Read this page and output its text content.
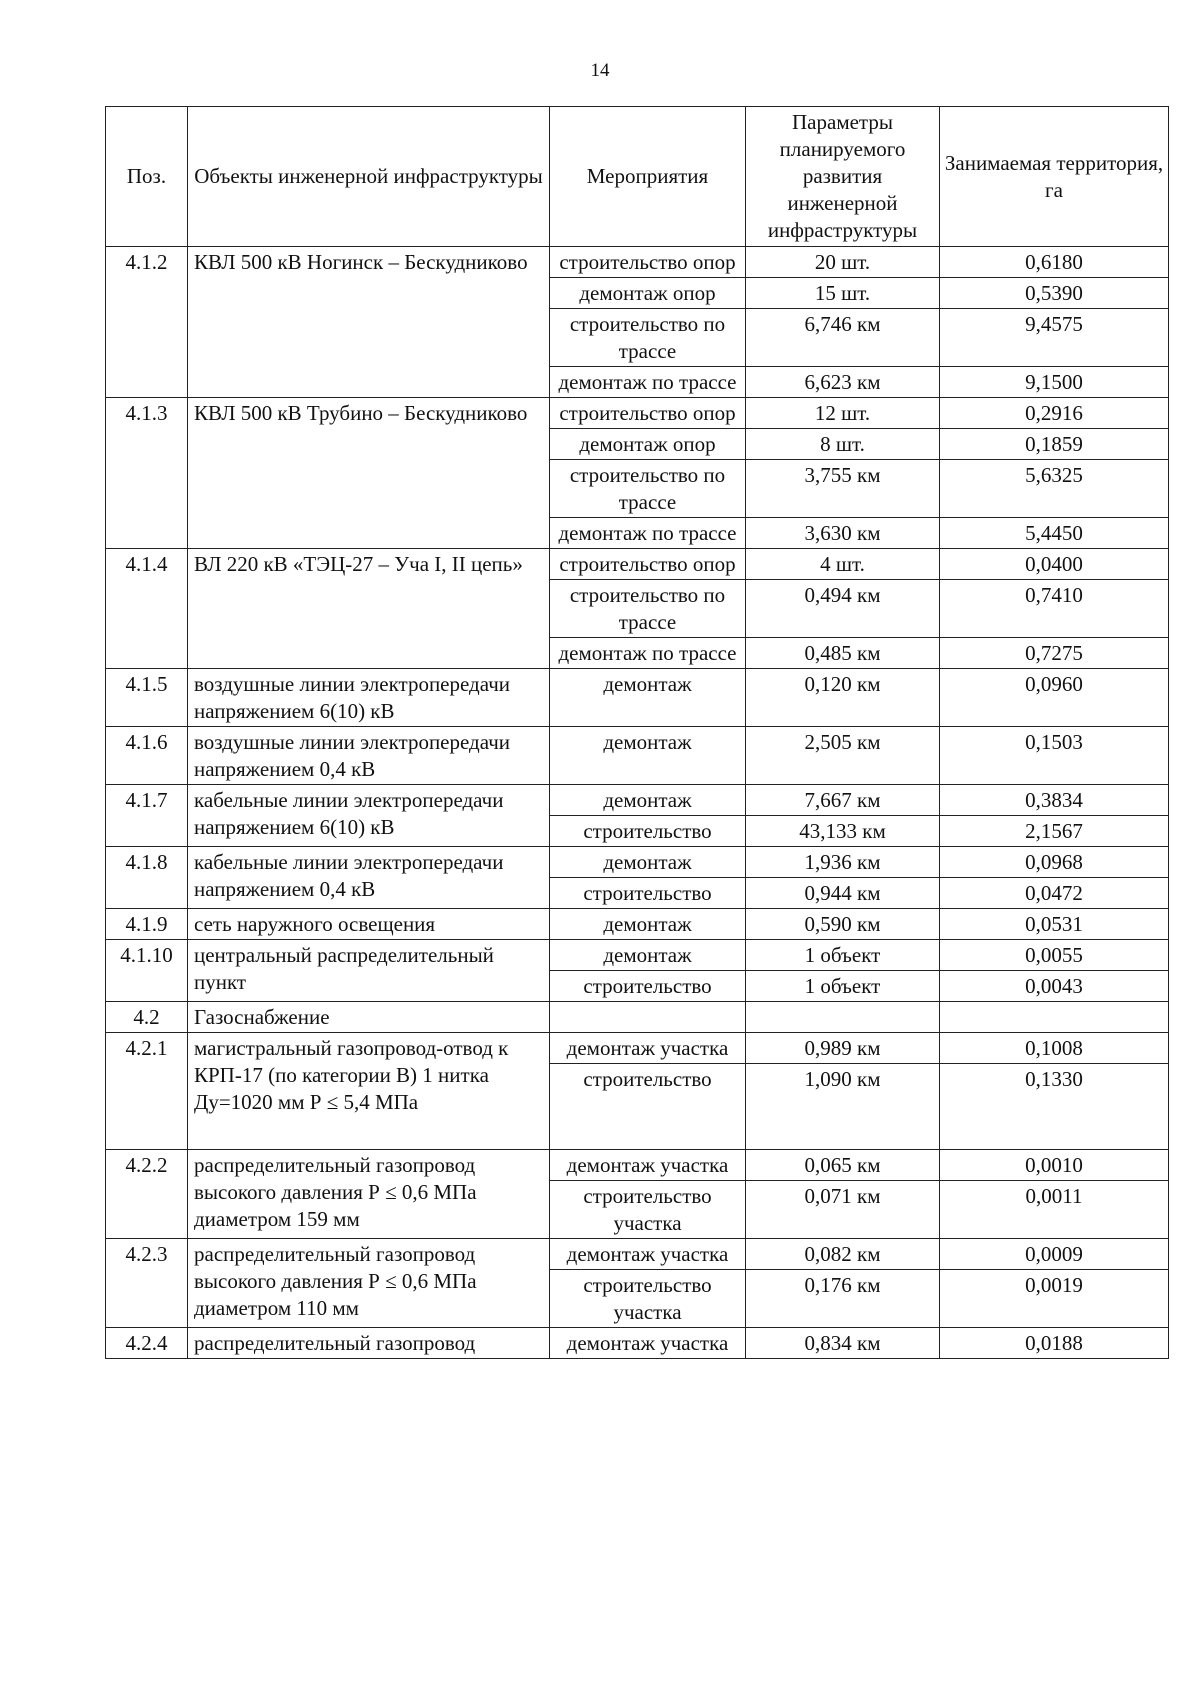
14
Поз.	Объекты инженерной инфраструктуры	Мероприятия	Параметры планируемого развития инженерной инфраструктуры	Занимаемая территория, га
4.1.2	КВЛ 500 кВ Ногинск – Бескудниково	строительство опор	20 шт.	0,6180
		демонтаж опор	15 шт.	0,5390
		строительство по трассе	6,746 км	9,4575
		демонтаж по трассе	6,623 км	9,1500
4.1.3	КВЛ 500 кВ Трубино – Бескудниково	строительство опор	12 шт.	0,2916
		демонтаж опор	8 шт.	0,1859
		строительство по трассе	3,755 км	5,6325
		демонтаж по трассе	3,630 км	5,4450
4.1.4	ВЛ 220 кВ «ТЭЦ-27 – Уча I, II цепь»	строительство опор	4 шт.	0,0400
		строительство по трассе	0,494 км	0,7410
		демонтаж по трассе	0,485 км	0,7275
4.1.5	воздушные линии электропередачи напряжением 6(10) кВ	демонтаж	0,120 км	0,0960
4.1.6	воздушные линии электропередачи напряжением 0,4 кВ	демонтаж	2,505 км	0,1503
4.1.7	кабельные линии электропередачи напряжением 6(10) кВ	демонтаж	7,667 км	0,3834
		строительство	43,133 км	2,1567
4.1.8	кабельные линии электропередачи напряжением 0,4 кВ	демонтаж	1,936 км	0,0968
		строительство	0,944 км	0,0472
4.1.9	сеть наружного освещения	демонтаж	0,590 км	0,0531
4.1.10	центральный распределительный пункт	демонтаж	1 объект	0,0055
		строительство	1 объект	0,0043
4.2	Газоснабжение			
4.2.1	магистральный газопровод-отвод к КРП-17 (по категории В) 1 нитка Ду=1020 мм Р ≤ 5,4 МПа	демонтаж участка	0,989 км	0,1008
		строительство	1,090 км	0,1330
4.2.2	распределительный газопровод высокого давления Р ≤ 0,6 МПа диаметром 159 мм	демонтаж участка	0,065 км	0,0010
		строительство участка	0,071 км	0,0011
4.2.3	распределительный газопровод высокого давления Р ≤ 0,6 МПа диаметром 110 мм	демонтаж участка	0,082 км	0,0009
		строительство участка	0,176 км	0,0019
4.2.4	распределительный газопровод	демонтаж участка	0,834 км	0,0188
